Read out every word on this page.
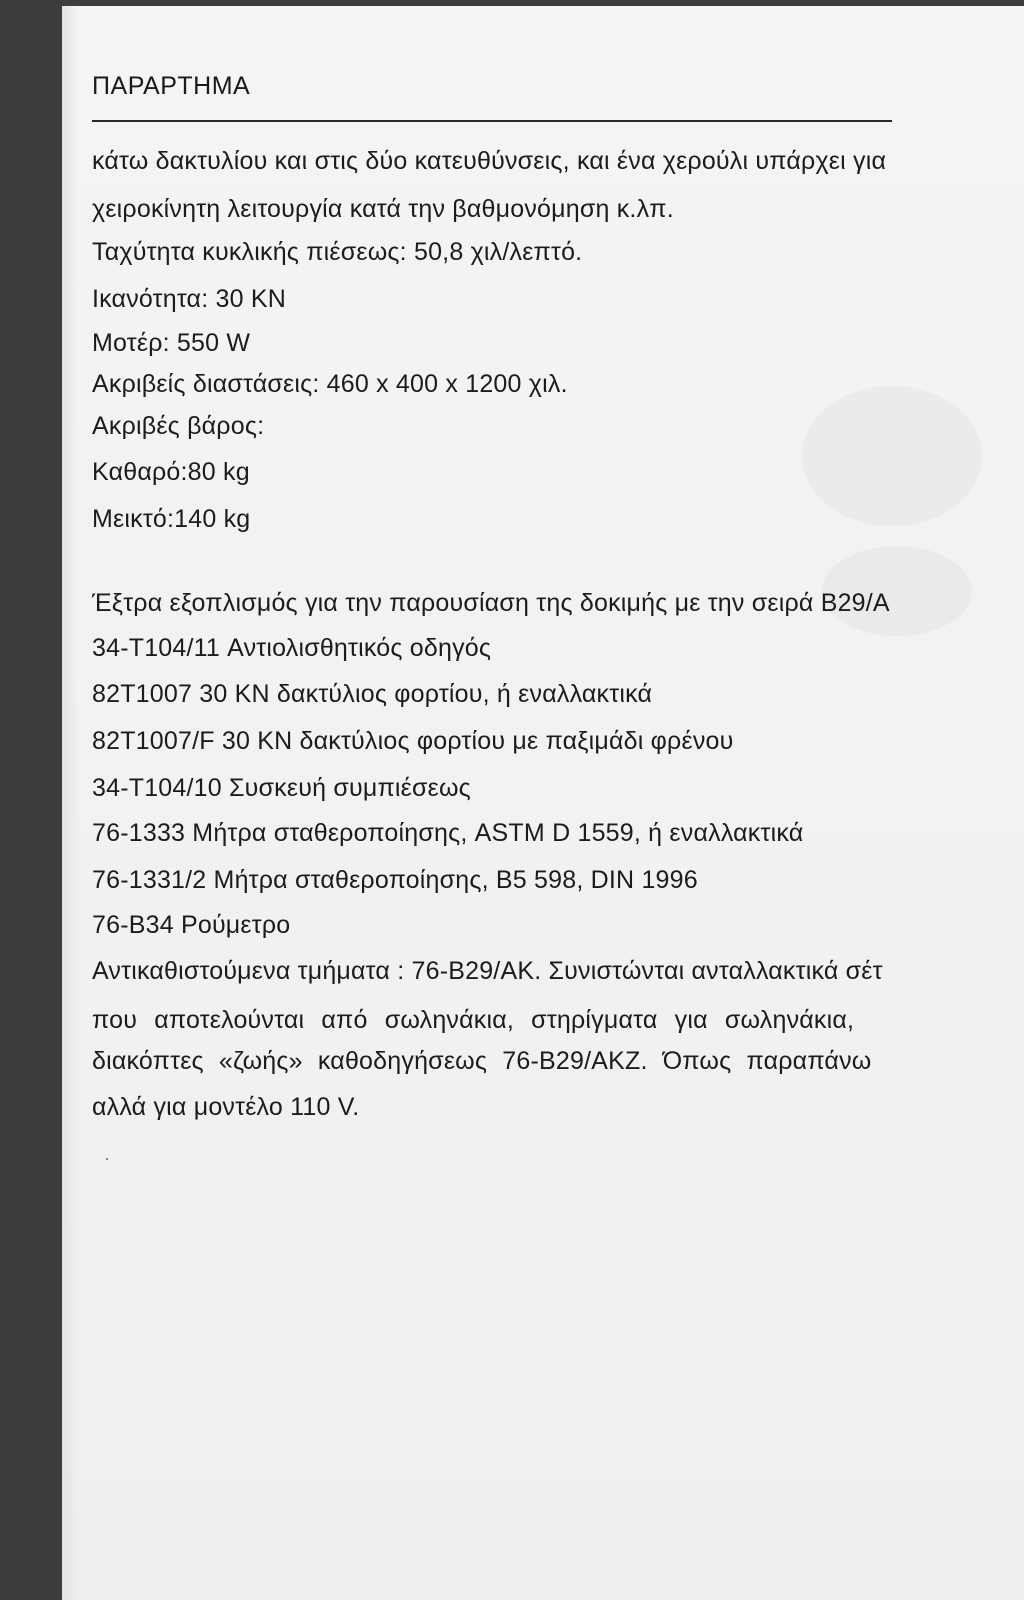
ΠΑΡΑΡΤΗΜΑ
κάτω δακτυλίου και στις δύο κατευθύνσεις, και ένα χερούλι υπάρχει για
χειροκίνητη λειτουργία κατά την βαθμονόμηση κ.λπ.
Ταχύτητα κυκλικής πιέσεως: 50,8 χιλ/λεπτό.
Ικανότητα: 30 KN
Μοτέρ: 550 W
Ακριβείς διαστάσεις: 460 x 400 x 1200 χιλ.
Ακριβές βάρος:
Καθαρό:80 kg
Μεικτό:140 kg
Έξτρα εξοπλισμός για την παρουσίαση της δοκιμής με την σειρά B29/A
34-T104/11 Αντιολισθητικός οδηγός
82T1007 30 KN δακτύλιος φορτίου, ή εναλλακτικά
82T1007/F 30 KN δακτύλιος φορτίου με παξιμάδι φρένου
34-T104/10 Συσκευή συμπιέσεως
76-1333 Μήτρα σταθεροποίησης, ASTM D 1559, ή εναλλακτικά
76-1331/2 Μήτρα σταθεροποίησης, B5 598, DIN 1996
76-B34 Ρούμετρο
Αντικαθιστούμενα τμήματα : 76-B29/AK. Συνιστώνται ανταλλακτικά σέτ
που αποτελούνται από σωληνάκια, στηρίγματα για σωληνάκια,
διακόπτες «ζωής» καθοδηγήσεως 76-B29/AKZ. Όπως παραπάνω
αλλά για μοντέλο 110 V.
